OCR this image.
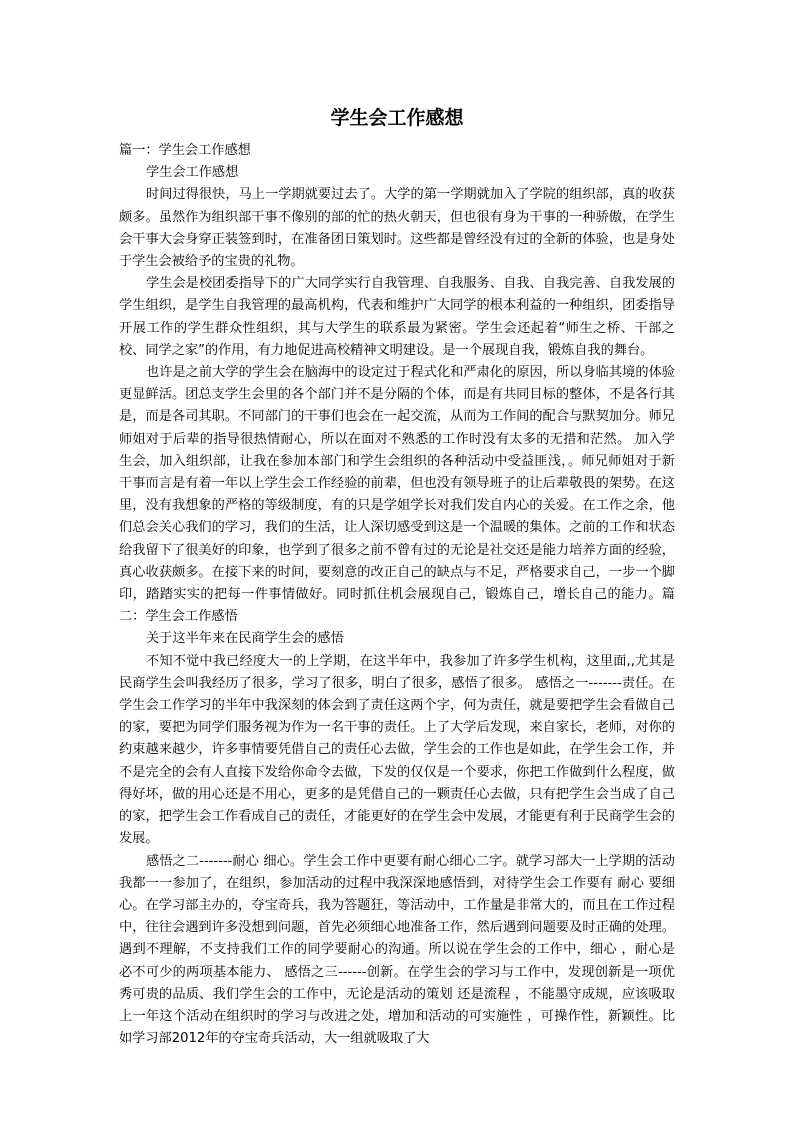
学生会工作感想

篇一：学生会工作感想

学生会工作感想

时间过得很快，马上一学期就要过去了。大学的第一学期就加入了学院的组织部，真的收获颇多。虽然作为组织部干事不像别的部的忙的热火朝天，但也很有身为干事的一种骄傲，在学生会干事大会身穿正装签到时，在准备团日策划时。这些都是曾经没有过的全新的体验，也是身处于学生会被给予的宝贵的礼物。

学生会是校团委指导下的广大同学实行自我管理、自我服务、自我、自我完善、自我发展的学生组织，是学生自我管理的最高机构，代表和维护广大同学的根本利益的一种组织，团委指导开展工作的学生群众性组织，其与大学生的联系最为紧密。学生会还起着“师生之桥、干部之校、同学之家”的作用，有力地促进高校精神文明建设。是一个展现自我，锻炼自我的舞台。

也许是之前大学的学生会在脑海中的设定过于程式化和严肃化的原因，所以身临其境的体验更显鲜活。团总支学生会里的各个部门并不是分隔的个体，而是有共同目标的整体，不是各行其是，而是各司其职。不同部门的干事们也会在一起交流，从而为工作间的配合与默契加分。师兄师姐对于后辈的指导很热情耐心，所以在面对不熟悉的工作时没有太多的无措和茫然。 加入学生会，加入组织部，让我在参加本部门和学生会组织的各种活动中受益匪浅，。师兄师姐对于新干事而言是有着一年以上学生会工作经验的前辈，但也没有领导班子的让后辈敬畏的架势。在这里，没有我想象的严格的等级制度，有的只是学姐学长对我们发自内心的关爱。在工作之余，他们总会关心我们的学习，我们的生活，让人深切感受到这是一个温暖的集体。之前的工作和状态给我留下了很美好的印象，也学到了很多之前不曾有过的无论是社交还是能力培养方面的经验，真心收获颇多。在接下来的时间，要刻意的改正自己的缺点与不足，严格要求自己，一步一个脚印，踏踏实实的把每一件事情做好。同时抓住机会展现自己，锻炼自己，增长自己的能力。篇二：学生会工作感悟

关于这半年来在民商学生会的感悟

不知不觉中我已经度大一的上学期，在这半年中，我参加了许多学生机构，这里面,,尤其是民商学生会叫我经历了很多，学习了很多，明白了很多，感悟了很多。 感悟之一-------责任。在学生会工作学习的半年中我深刻的体会到了责任这两个字，何为责任，就是要把学生会看做自己的家，要把为同学们服务视为作为一名干事的责任。上了大学后发现，来自家长，老师，对你的约束越来越少，许多事情要凭借自己的责任心去做，学生会的工作也是如此，在学生会工作，并不是完全的会有人直接下发给你命令去做，下发的仅仅是一个要求，你把工作做到什么程度，做得好坏，做的用心还是不用心，更多的是凭借自己的一颗责任心去做，只有把学生会当成了自己的家，把学生会工作看成自己的责任，才能更好的在学生会中发展，才能更有利于民商学生会的发展。

感悟之二-------耐心 细心。学生会工作中更要有耐心细心二字。就学习部大一上学期的活动我都一一参加了，在组织，参加活动的过程中我深深地感悟到，对待学生会工作要有 耐心 要细心。在学习部主办的，夺宝奇兵，我为答题狂，等活动中，工作量是非常大的，而且在工作过程中，往往会遇到许多没想到问题，首先必须细心地准备工作，然后遇到问题要及时正确的处理。遇到不理解，不支持我们工作的同学要耐心的沟通。所以说在学生会的工作中，细心 ，耐心是必不可少的两项基本能力、 感悟之三------创新。在学生会的学习与工作中，发现创新是一项优秀可贵的品质、我们学生会的工作中，无论是活动的策划 还是流程 ，不能墨守成规，应该吸取上一年这个活动在组织时的学习与改进之处，增加和活动的可实施性 ，可操作性，新颖性。比如学习部2012年的夺宝奇兵活动，大一组就吸取了大
